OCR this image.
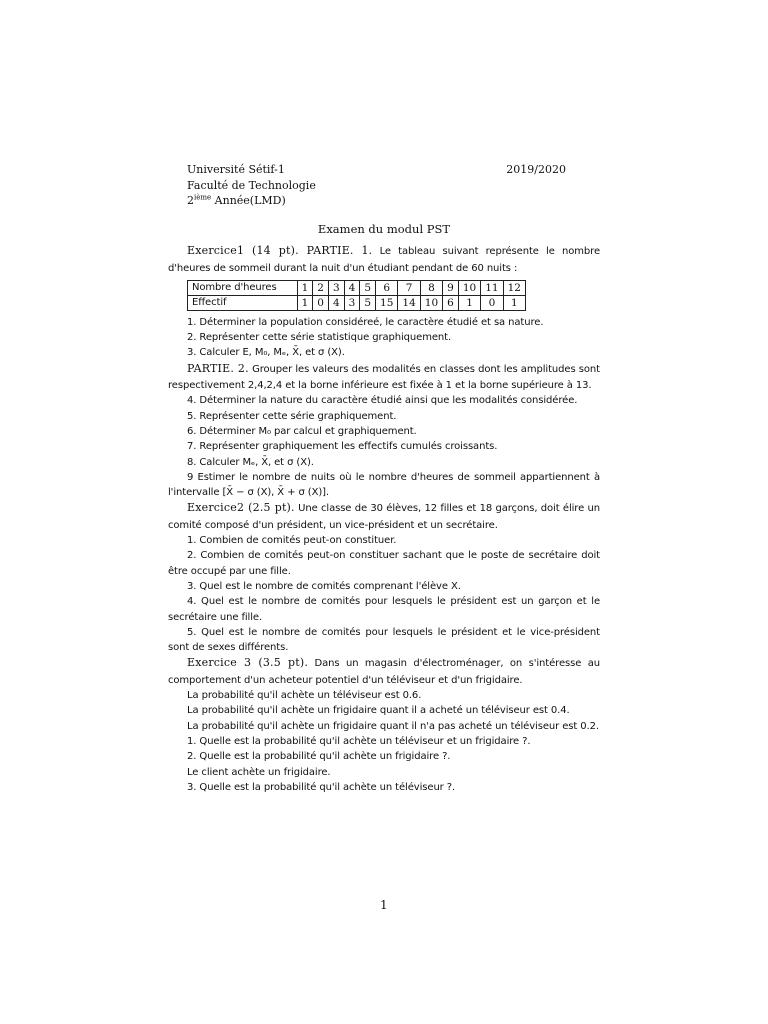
Université Sétif-1	2019/2020
Faculté de Technologie
2ième Année(LMD)
Examen du modul PST

Exercice1 (14 pt). PARTIE. 1. Le tableau suivant représente le nombre d'heures de sommeil durant la nuit d'un étudiant pendant de 60 nuits :

Nombre d'heures	1	2	3	4	5	6	7	8	9	10	11	12
Effectif	1	0	4	3	5	15	14	10	6	1	0	1

1. Déterminer la population considéreé, le caractère étudié et sa nature.

2. Représenter cette série statistique graphiquement.

3. Calculer E, M₀, Mₑ, X̄, et σ (X).

PARTIE. 2. Grouper les valeurs des modalités en classes dont les amplitudes sont respectivement 2,4,2,4 et la borne inférieure est fixée à 1 et la borne supérieure à 13.

4. Déterminer la nature du caractère étudié ainsi que les modalités considérée.

5. Représenter cette série graphiquement.

6. Déterminer M₀ par calcul et graphiquement.

7. Représenter graphiquement les effectifs cumulés croissants.

8. Calculer Mₑ, X̄, et σ (X).

9 Estimer le nombre de nuits où le nombre d'heures de sommeil appartiennent à l'intervalle [X̄ − σ (X), X̄ + σ (X)].

Exercice2 (2.5 pt). Une classe de 30 élèves, 12 filles et 18 garçons, doit élire un comité composé d'un président, un vice-président et un secrétaire.

1. Combien de comités peut-on constituer.

2. Combien de comités peut-on constituer sachant que le poste de secrétaire doit être occupé par une fille.

3. Quel est le nombre de comités comprenant l'élève X.

4. Quel est le nombre de comités pour lesquels le président est un garçon et le secrétaire une fille.

5. Quel est le nombre de comités pour lesquels le président et le vice-président sont de sexes différents.

Exercice 3 (3.5 pt). Dans un magasin d'électroménager, on s'intéresse au comportement d'un acheteur potentiel d'un téléviseur et d'un frigidaire.

La probabilité qu'il achète un téléviseur est 0.6.

La probabilité qu'il achète un frigidaire quant il a acheté un téléviseur est 0.4.

La probabilité qu'il achète un frigidaire quant il n'a pas acheté un téléviseur est 0.2.

1. Quelle est la probabilité qu'il achète un téléviseur et un frigidaire ?.

2. Quelle est la probabilité qu'il achète un frigidaire ?.

Le client achète un frigidaire.

3. Quelle est la probabilité qu'il achète un téléviseur ?.

1
